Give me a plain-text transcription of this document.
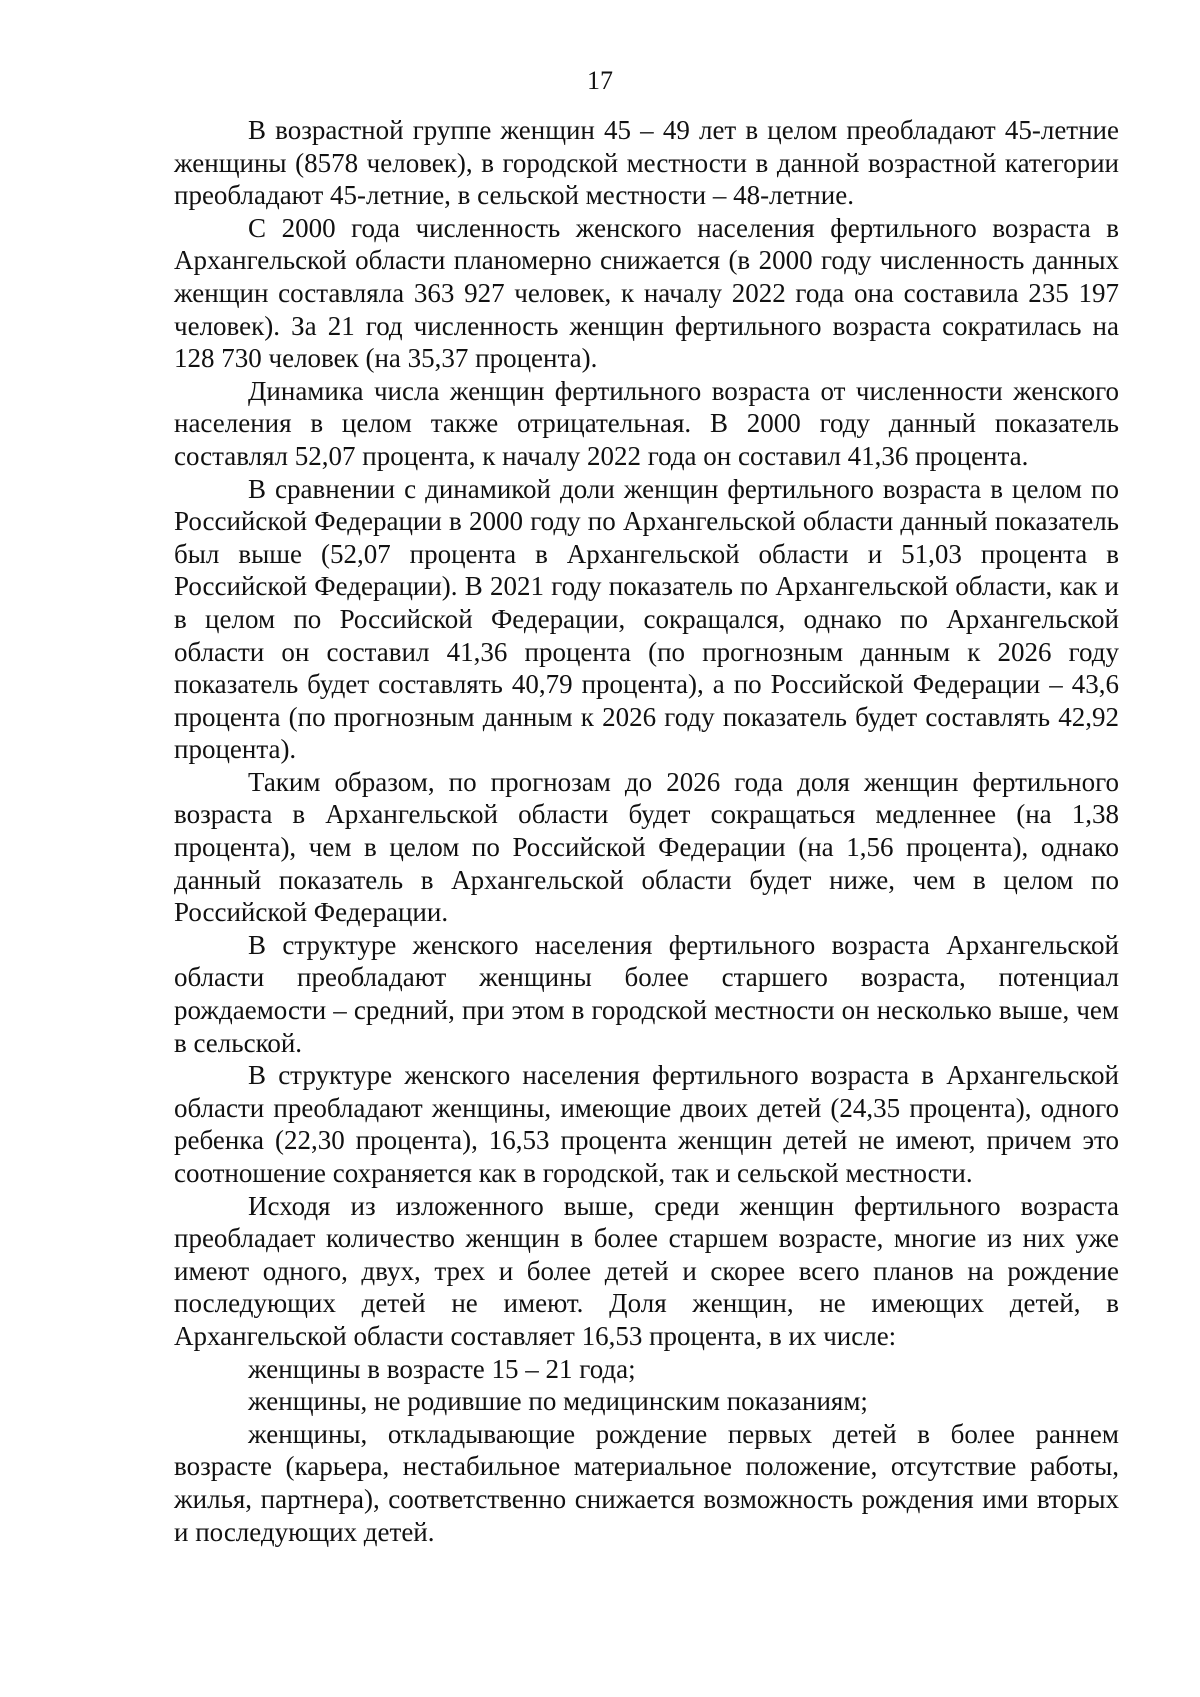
17

В возрастной группе женщин 45 – 49 лет в целом преобладают 45-летние женщины (8578 человек), в городской местности в данной возрастной категории преобладают 45-летние, в сельской местности – 48-летние.

С 2000 года численность женского населения фертильного возраста в Архангельской области планомерно снижается (в 2000 году численность данных женщин составляла 363 927 человек, к началу 2022 года она составила 235 197 человек). За 21 год численность женщин фертильного возраста сократилась на 128 730 человек (на 35,37 процента).

Динамика числа женщин фертильного возраста от численности женского населения в целом также отрицательная. В 2000 году данный показатель составлял 52,07 процента, к началу 2022 года он составил 41,36 процента.

В сравнении с динамикой доли женщин фертильного возраста в целом по Российской Федерации в 2000 году по Архангельской области данный показатель был выше (52,07 процента в Архангельской области и 51,03 процента в Российской Федерации). В 2021 году показатель по Архангельской области, как и в целом по Российской Федерации, сокращался, однако по Архангельской области он составил 41,36 процента (по прогнозным данным к 2026 году показатель будет составлять 40,79 процента), а по Российской Федерации – 43,6 процента (по прогнозным данным к 2026 году показатель будет составлять 42,92 процента).

Таким образом, по прогнозам до 2026 года доля женщин фертильного возраста в Архангельской области будет сокращаться медленнее (на 1,38 процента), чем в целом по Российской Федерации (на 1,56 процента), однако данный показатель в Архангельской области будет ниже, чем в целом по Российской Федерации.

В структуре женского населения фертильного возраста Архангельской области преобладают женщины более старшего возраста, потенциал рождаемости – средний, при этом в городской местности он несколько выше, чем в сельской.

В структуре женского населения фертильного возраста в Архангельской области преобладают женщины, имеющие двоих детей (24,35 процента), одного ребенка (22,30 процента), 16,53 процента женщин детей не имеют, причем это соотношение сохраняется как в городской, так и сельской местности.

Исходя из изложенного выше, среди женщин фертильного возраста преобладает количество женщин в более старшем возрасте, многие из них уже имеют одного, двух, трех и более детей и скорее всего планов на рождение последующих детей не имеют. Доля женщин, не имеющих детей, в Архангельской области составляет 16,53 процента, в их числе:

женщины в возрасте 15 – 21 года;

женщины, не родившие по медицинским показаниям;

женщины, откладывающие рождение первых детей в более раннем возрасте (карьера, нестабильное материальное положение, отсутствие работы, жилья, партнера), соответственно снижается возможность рождения ими вторых и последующих детей.
